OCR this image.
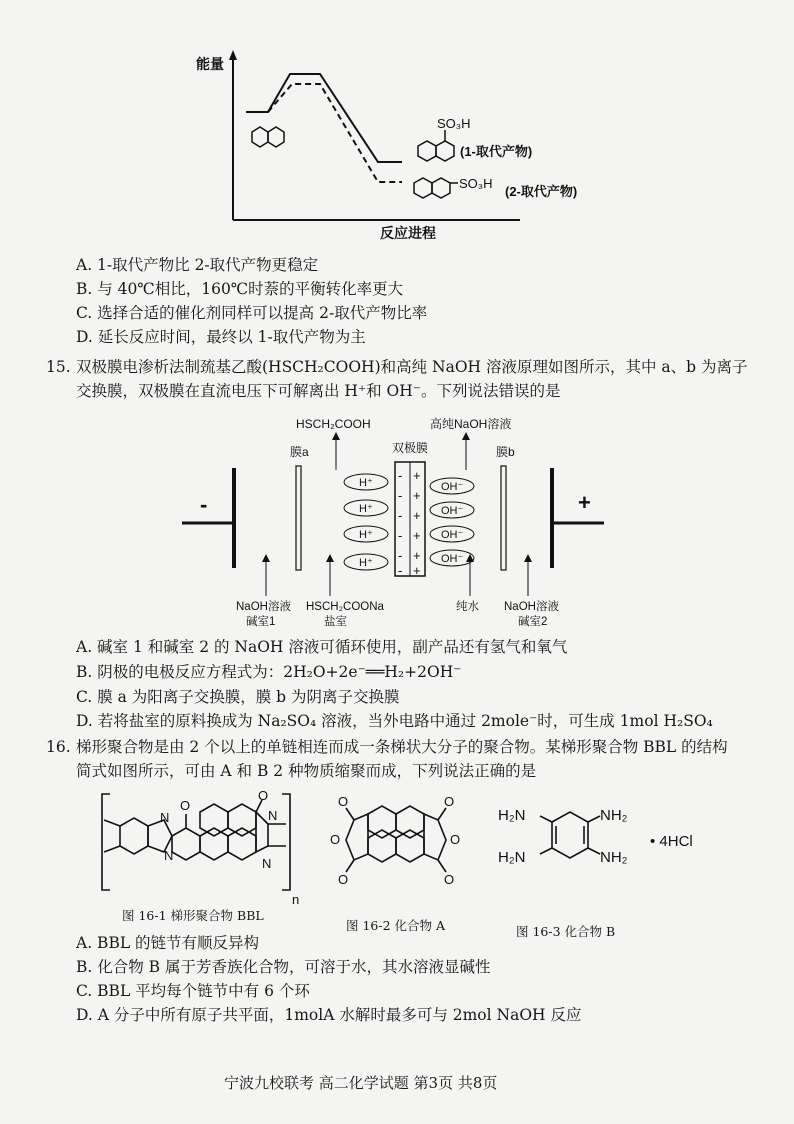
能量
反应进程
SO₃H
(1-取代产物)
SO₃H
(2-取代产物)
A. 1-取代产物比 2-取代产物更稳定
B. 与 40℃相比，160℃时萘的平衡转化率更大
C. 选择合适的催化剂同样可以提高 2-取代产物比率
D. 延长反应时间，最终以 1-取代产物为主
15. 双极膜电渗析法制巯基乙酸(HSCH₂COOH)和高纯 NaOH 溶液原理如图所示，其中 a、b 为离子
交换膜，双极膜在直流电压下可解离出 H⁺和 OH⁻。下列说法错误的是
HSCH₂COOH	高纯NaOH溶液
膜a	双极膜	膜b
-	+
- +
- +
- +
- +
- +
- +
H⁺
H⁺
H⁺
H⁺
OH⁻
OH⁻
OH⁻
OH⁻
NaOH溶液
碱室1
HSCH₂COONa
盐室
纯水 NaOH溶液
碱室2
A. 碱室 1 和碱室 2 的 NaOH 溶液可循环使用，副产品还有氢气和氧气
B. 阴极的电极反应方程式为：2H₂O+2e⁻══H₂+2OH⁻
C. 膜 a 为阳离子交换膜，膜 b 为阴离子交换膜
D. 若将盐室的原料换成为 Na₂SO₄ 溶液，当外电路中通过 2mole⁻时，可生成 1mol H₂SO₄
16. 梯形聚合物是由 2 个以上的单链相连而成一条梯状大分子的聚合物。某梯形聚合物 BBL 的结构
简式如图所示，可由 A 和 B 2 种物质缩聚而成，下列说法正确的是
O
O
N
N
N
N
n
O
O
O
O
O
O
H₂N
H₂N
NH₂
NH₂
• 4HCl
图 16-1 梯形聚合物 BBL
图 16-2 化合物 A	图 16-3 化合物 B
A. BBL 的链节有顺反异构
B. 化合物 B 属于芳香族化合物，可溶于水，其水溶液显碱性
C. BBL 平均每个链节中有 6 个环
D. A 分子中所有原子共平面，1molA 水解时最多可与 2mol NaOH 反应
宁波九校联考 高二化学试题 第3页 共8页
